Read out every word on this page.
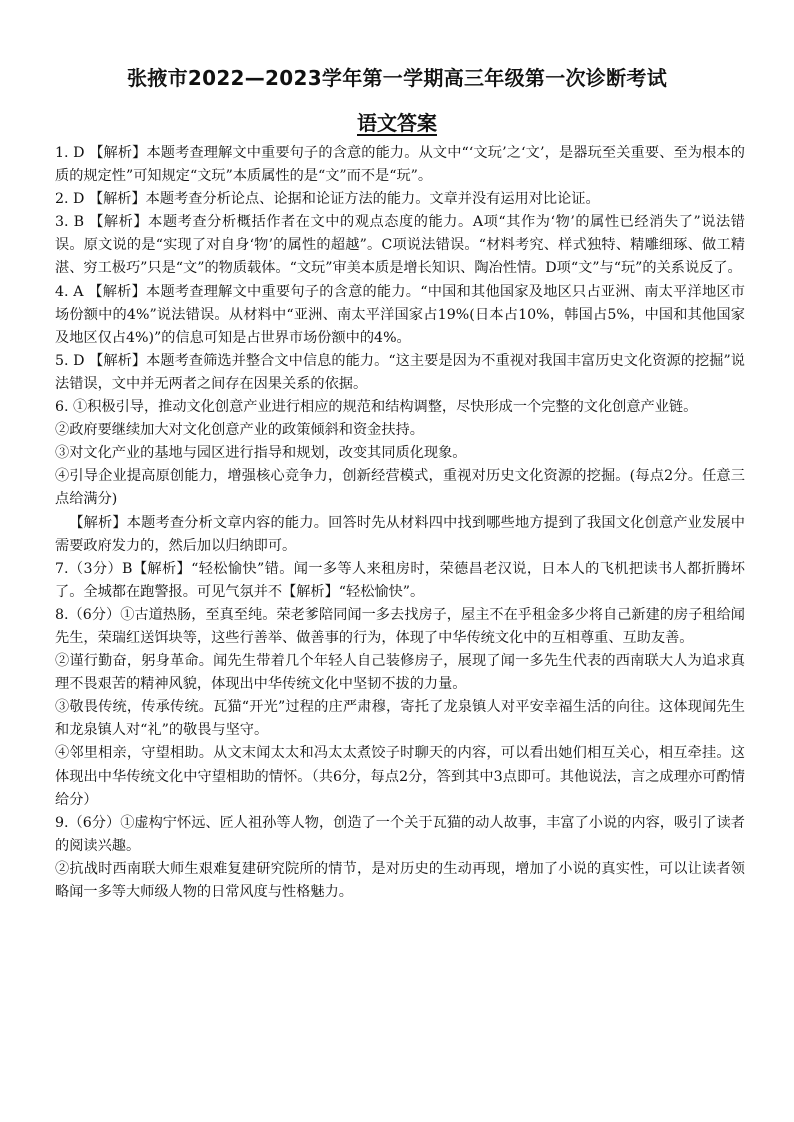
张掖市2022—2023学年第一学期高三年级第一次诊断考试
语文答案

1. D 【解析】本题考查理解文中重要句子的含意的能力。从文中“‘文玩’之‘文’，是器玩至关重要、至为根本的质的规定性”可知规定“文玩”本质属性的是“文”而不是“玩”。

2. D 【解析】本题考查分析论点、论据和论证方法的能力。文章并没有运用对比论证。

3. B 【解析】本题考查分析概括作者在文中的观点态度的能力。A项“其作为‘物’的属性已经消失了”说法错误。原文说的是“实现了对自身‘物’的属性的超越”。C项说法错误。“材料考究、样式独特、精雕细琢、做工精湛、穷工极巧”只是“文”的物质载体。“文玩”审美本质是增长知识、陶冶性情。D项“文”与“玩”的关系说反了。

4. A 【解析】本题考查理解文中重要句子的含意的能力。“中国和其他国家及地区只占亚洲、南太平洋地区市场份额中的4%”说法错误。从材料中“亚洲、南太平洋国家占19%(日本占10%，韩国占5%，中国和其他国家及地区仅占4%)”的信息可知是占世界市场份额中的4%。

5. D 【解析】本题考查筛选并整合文中信息的能力。“这主要是因为不重视对我国丰富历史文化资源的挖掘”说法错误，文中并无两者之间存在因果关系的依据。

6. ①积极引导，推动文化创意产业进行相应的规范和结构调整，尽快形成一个完整的文化创意产业链。

②政府要继续加大对文化创意产业的政策倾斜和资金扶持。

③对文化产业的基地与园区进行指导和规划，改变其同质化现象。

④引导企业提高原创能力，增强核心竞争力，创新经营模式，重视对历史文化资源的挖掘。(每点2分。任意三点给满分)

【解析】本题考查分析文章内容的能力。回答时先从材料四中找到哪些地方提到了我国文化创意产业发展中需要政府发力的，然后加以归纳即可。

7.（3分）B【解析】“轻松愉快”错。闻一多等人来租房时，荣德昌老汉说，日本人的飞机把读书人都折腾坏了。全城都在跑警报。可见气氛并不【解析】“轻松愉快”。

8.（6分）①古道热肠，至真至纯。荣老爹陪同闻一多去找房子，屋主不在乎租金多少将自己新建的房子租给闻先生，荣瑞红送饵块等，这些行善举、做善事的行为，体现了中华传统文化中的互相尊重、互助友善。

②谨行勤奋，躬身革命。闻先生带着几个年轻人自己装修房子，展现了闻一多先生代表的西南联大人为追求真理不畏艰苦的精神风貌，体现出中华传统文化中坚韧不拔的力量。

③敬畏传统，传承传统。瓦猫“开光”过程的庄严肃穆，寄托了龙泉镇人对平安幸福生活的向往。这体现闻先生和龙泉镇人对“礼”的敬畏与坚守。

④邻里相亲，守望相助。从文末闻太太和冯太太煮饺子时聊天的内容，可以看出她们相互关心，相互牵挂。这体现出中华传统文化中守望相助的情怀。（共6分，每点2分，答到其中3点即可。其他说法，言之成理亦可酌情给分）

9.（6分）①虚构宁怀远、匠人祖孙等人物，创造了一个关于瓦猫的动人故事，丰富了小说的内容，吸引了读者的阅读兴趣。

②抗战时西南联大师生艰难复建研究院所的情节，是对历史的生动再现，增加了小说的真实性，可以让读者领略闻一多等大师级人物的日常风度与性格魅力。
